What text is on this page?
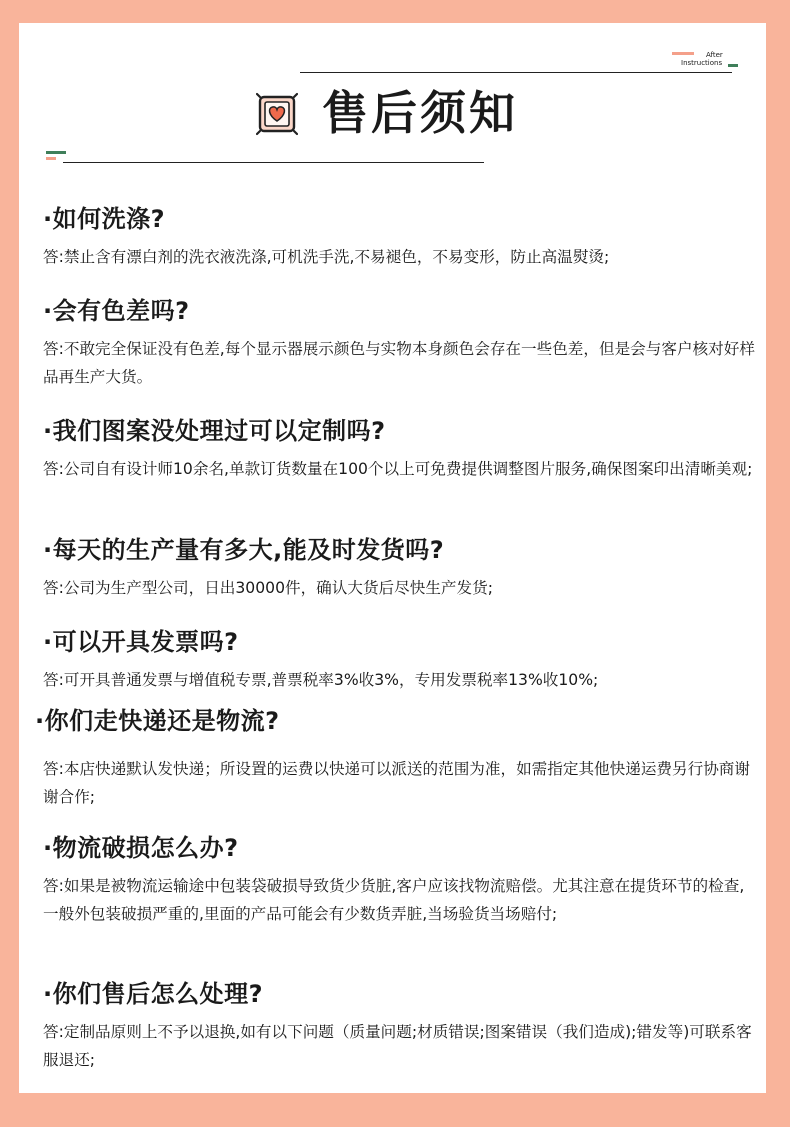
After
Instructions
售后须知
·如何洗涤?
答:禁止含有漂白剂的洗衣液洗涤,可机洗手洗,不易褪色，不易变形，防止高温熨烫;
·会有色差吗?
答:不敢完全保证没有色差,每个显示器展示颜色与实物本身颜色会存在一些色差，但是会与客户核对好样品再生产大货。
·我们图案没处理过可以定制吗?
答:公司自有设计师10余名,单款订货数量在100个以上可免费提供调整图片服务,确保图案印出清晰美观;
·每天的生产量有多大,能及时发货吗?
答:公司为生产型公司，日出30000件，确认大货后尽快生产发货;
·可以开具发票吗?
答:可开具普通发票与增值税专票,普票税率3%收3%，专用发票税率13%收10%;
·你们走快递还是物流?
答:本店快递默认发快递；所设置的运费以快递可以派送的范围为准，如需指定其他快递运费另行协商谢谢合作;
·物流破损怎么办?
答:如果是被物流运输途中包装袋破损导致货少货脏,客户应该找物流赔偿。尤其注意在提货环节的检查,一般外包装破损严重的,里面的产品可能会有少数货弄脏,当场验货当场赔付;
·你们售后怎么处理?
答:定制品原则上不予以退换,如有以下问题（质量问题;材质错误;图案错误（我们造成);错发等)可联系客服退还;
